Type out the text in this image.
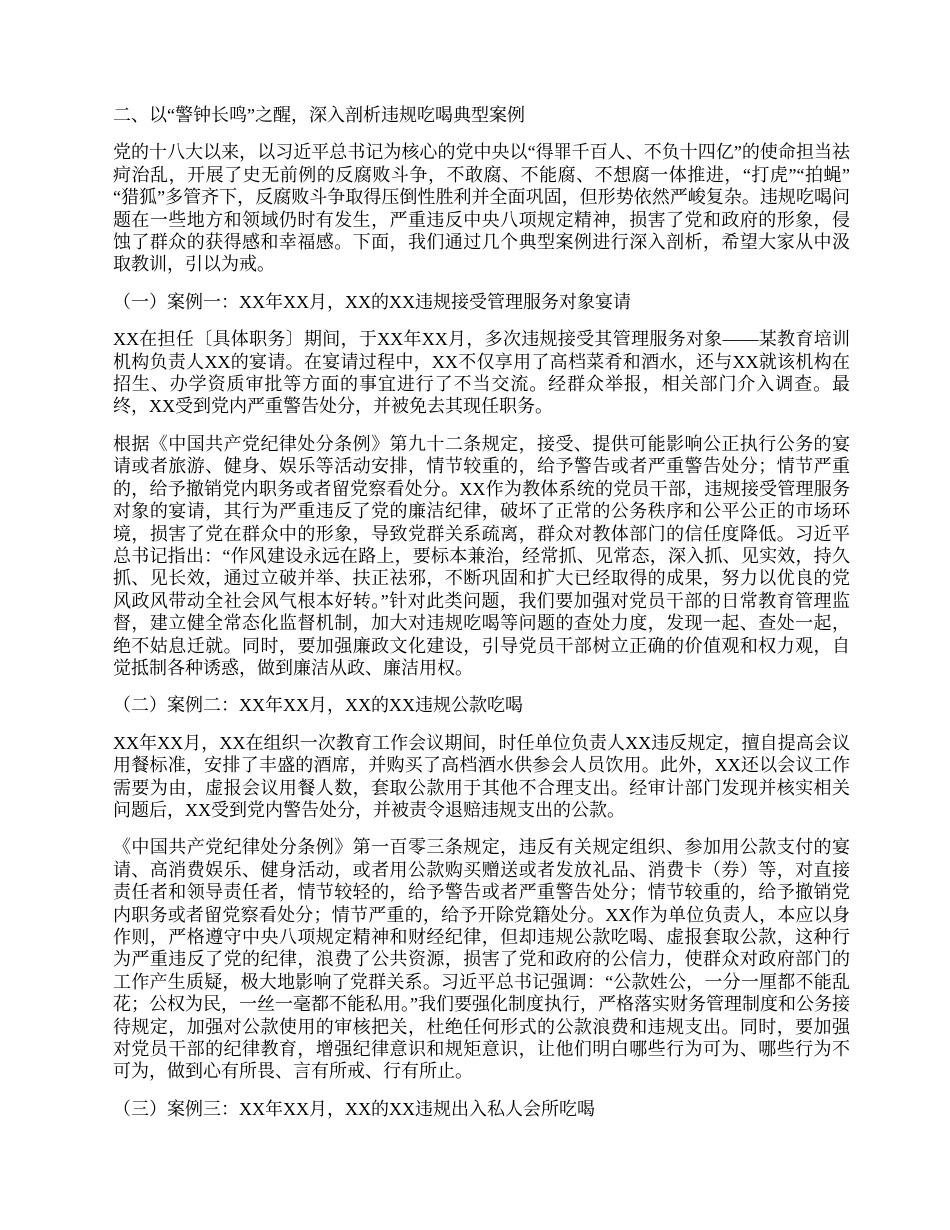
二、以“警钟长鸣”之醒，深入剖析违规吃喝典型案例

党的十八大以来，以习近平总书记为核心的党中央以“得罪千百人、不负十四亿”的使命担当祛疴治乱，开展了史无前例的反腐败斗争，不敢腐、不能腐、不想腐一体推进，“打虎”“拍蝇”“猎狐”多管齐下，反腐败斗争取得压倒性胜利并全面巩固，但形势依然严峻复杂。违规吃喝问题在一些地方和领域仍时有发生，严重违反中央八项规定精神，损害了党和政府的形象，侵蚀了群众的获得感和幸福感。下面，我们通过几个典型案例进行深入剖析，希望大家从中汲取教训，引以为戒。

（一）案例一：XX年XX月，XX的XX违规接受管理服务对象宴请

XX在担任〔具体职务〕期间，于XX年XX月，多次违规接受其管理服务对象——某教育培训机构负责人XX的宴请。在宴请过程中，XX不仅享用了高档菜肴和酒水，还与XX就该机构在招生、办学资质审批等方面的事宜进行了不当交流。经群众举报，相关部门介入调查。最终，XX受到党内严重警告处分，并被免去其现任职务。

根据《中国共产党纪律处分条例》第九十二条规定，接受、提供可能影响公正执行公务的宴请或者旅游、健身、娱乐等活动安排，情节较重的，给予警告或者严重警告处分；情节严重的，给予撤销党内职务或者留党察看处分。XX作为教体系统的党员干部，违规接受管理服务对象的宴请，其行为严重违反了党的廉洁纪律，破坏了正常的公务秩序和公平公正的市场环境，损害了党在群众中的形象，导致党群关系疏离，群众对教体部门的信任度降低。习近平总书记指出：“作风建设永远在路上，要标本兼治，经常抓、见常态，深入抓、见实效，持久抓、见长效，通过立破并举、扶正祛邪，不断巩固和扩大已经取得的成果，努力以优良的党风政风带动全社会风气根本好转。”针对此类问题，我们要加强对党员干部的日常教育管理监督，建立健全常态化监督机制，加大对违规吃喝等问题的查处力度，发现一起、查处一起，绝不姑息迁就。同时，要加强廉政文化建设，引导党员干部树立正确的价值观和权力观，自觉抵制各种诱惑，做到廉洁从政、廉洁用权。

（二）案例二：XX年XX月，XX的XX违规公款吃喝

XX年XX月，XX在组织一次教育工作会议期间，时任单位负责人XX违反规定，擅自提高会议用餐标准，安排了丰盛的酒席，并购买了高档酒水供参会人员饮用。此外，XX还以会议工作需要为由，虚报会议用餐人数，套取公款用于其他不合理支出。经审计部门发现并核实相关问题后，XX受到党内警告处分，并被责令退赔违规支出的公款。

《中国共产党纪律处分条例》第一百零三条规定，违反有关规定组织、参加用公款支付的宴请、高消费娱乐、健身活动，或者用公款购买赠送或者发放礼品、消费卡（券）等，对直接责任者和领导责任者，情节较轻的，给予警告或者严重警告处分；情节较重的，给予撤销党内职务或者留党察看处分；情节严重的，给予开除党籍处分。XX作为单位负责人，本应以身作则，严格遵守中央八项规定精神和财经纪律，但却违规公款吃喝、虚报套取公款，这种行为严重违反了党的纪律，浪费了公共资源，损害了党和政府的公信力，使群众对政府部门的工作产生质疑，极大地影响了党群关系。习近平总书记强调：“公款姓公，一分一厘都不能乱花；公权为民，一丝一毫都不能私用。”我们要强化制度执行，严格落实财务管理制度和公务接待规定，加强对公款使用的审核把关，杜绝任何形式的公款浪费和违规支出。同时，要加强对党员干部的纪律教育，增强纪律意识和规矩意识，让他们明白哪些行为可为、哪些行为不可为，做到心有所畏、言有所戒、行有所止。

（三）案例三：XX年XX月，XX的XX违规出入私人会所吃喝
